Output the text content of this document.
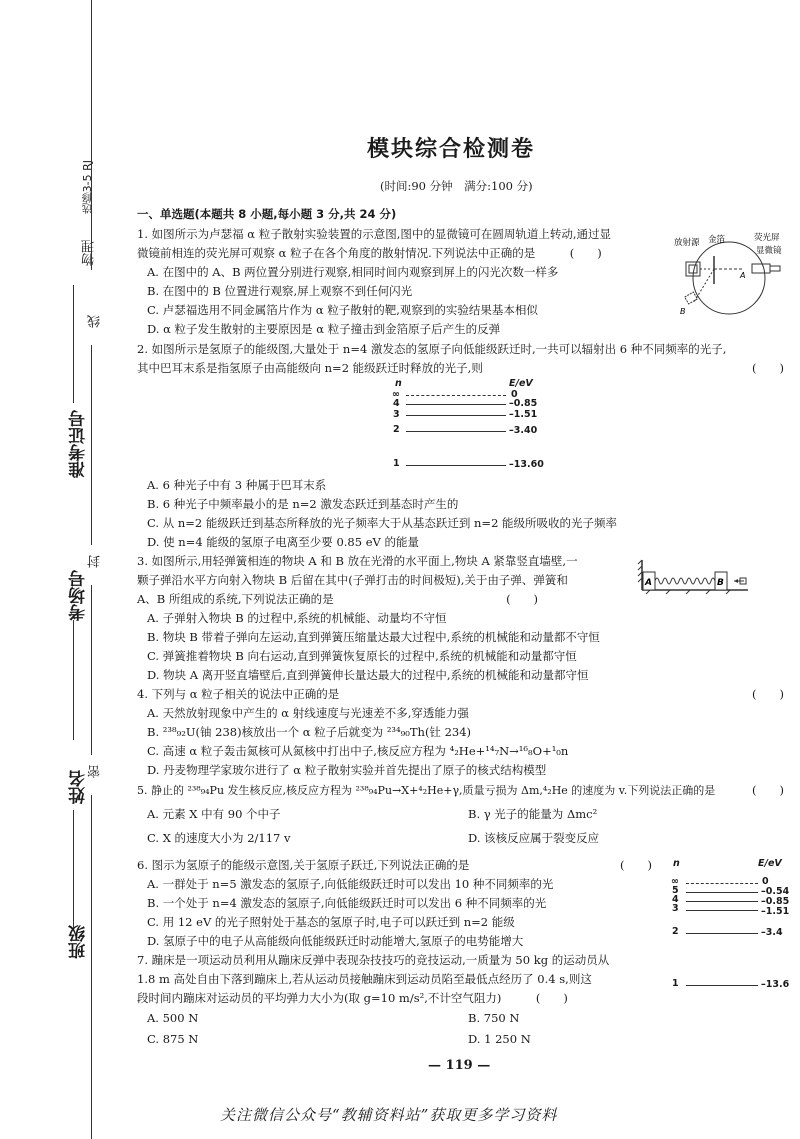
物理
选修3-5 RJ
线
封
密
准考证号
考场号
姓名
班级
模块综合检测卷
(时间:90 分钟　满分:100 分)
一、单选题(本题共 8 小题,每小题 3 分,共 24 分)
1. 如图所示为卢瑟福 α 粒子散射实验装置的示意图,图中的显微镜可在圆周轨道上转动,通过显
微镜前相连的荧光屏可观察 α 粒子在各个角度的散射情况.下列说法中正确的是　　　(　　)
A. 在图中的 A、B 两位置分别进行观察,相同时间内观察到屏上的闪光次数一样多
B. 在图中的 B 位置进行观察,屏上观察不到任何闪光
C. 卢瑟福选用不同金属箔片作为 α 粒子散射的靶,观察到的实验结果基本相似
D. α 粒子发生散射的主要原因是 α 粒子撞击到金箔原子后产生的反弹
放射源 金箔	荧光屏
显微镜
A
B
2. 如图所示是氢原子的能级图,大量处于 n=4 激发态的氢原子向低能级跃迁时,一共可以辐射出 6 种不同频率的光子,
其中巴耳末系是指氢原子由高能级向 n=2 能级跃迁时释放的光子,则	(　　)
n	E/eV
∞
4
3
2
1
0
–0.85
–1.51
–3.40
–13.60
A. 6 种光子中有 3 种属于巴耳末系
B. 6 种光子中频率最小的是 n=2 激发态跃迁到基态时产生的
C. 从 n=2 能级跃迁到基态所释放的光子频率大于从基态跃迁到 n=2 能级所吸收的光子频率
D. 使 n=4 能级的氢原子电离至少要 0.85 eV 的能量
3. 如图所示,用轻弹簧相连的物块 A 和 B 放在光滑的水平面上,物块 A 紧靠竖直墙壁,一
颗子弹沿水平方向射入物块 B 后留在其中(子弹打击的时间极短),关于由子弹、弹簧和
A、B 所组成的系统,下列说法正确的是　　　　　　　　　　　　　　　(　　)
A	B
A. 子弹射入物块 B 的过程中,系统的机械能、动量均不守恒
B. 物块 B 带着子弹向左运动,直到弹簧压缩量达最大过程中,系统的机械能和动量都不守恒
C. 弹簧推着物块 B 向右运动,直到弹簧恢复原长的过程中,系统的机械能和动量都守恒
D. 物块 A 离开竖直墙壁后,直到弹簧伸长量达最大的过程中,系统的机械能和动量都守恒
4. 下列与 α 粒子相关的说法中正确的是	(　　)
A. 天然放射现象中产生的 α 射线速度与光速差不多,穿透能力强
B. ²³⁸₉₂U(铀 238)核放出一个 α 粒子后就变为 ²³⁴₉₀Th(钍 234)
C. 高速 α 粒子轰击氮核可从氮核中打出中子,核反应方程为 ⁴₂He+¹⁴₇N→¹⁶₈O+¹₀n
D. 丹麦物理学家玻尔进行了 α 粒子散射实验并首先提出了原子的核式结构模型
5. 静止的 ²³⁸₉₄Pu 发生核反应,核反应方程为 ²³⁸₉₄Pu→X+⁴₂He+γ,质量亏损为 Δm,⁴₂He 的速度为 v.下列说法正确的是	(　　)
A. 元素 X 中有 90 个中子	B. γ 光子的能量为 Δmc²
C. X 的速度大小为 2/117 v	D. 该核反应属于裂变反应
6. 图示为氢原子的能级示意图,关于氢原子跃迁,下列说法正确的是	(　　)
A. 一群处于 n=5 激发态的氢原子,向低能级跃迁时可以发出 10 种不同频率的光
B. 一个处于 n=4 激发态的氢原子,向低能级跃迁时可以发出 6 种不同频率的光
C. 用 12 eV 的光子照射处于基态的氢原子时,电子可以跃迁到 n=2 能级
D. 氢原子中的电子从高能级向低能级跃迁时动能增大,氢原子的电势能增大
n	E/eV
∞
5
4
3
2
1
0
–0.54
–0.85
–1.51
–3.4
–13.6
7. 蹦床是一项运动员利用从蹦床反弹中表现杂技技巧的竞技运动,一质量为 50 kg 的运动员从
1.8 m 高处自由下落到蹦床上,若从运动员接触蹦床到运动员陷至最低点经历了 0.4 s,则这
段时间内蹦床对运动员的平均弹力大小为(取 g=10 m/s²,不计空气阻力)　　　(　　)
A. 500 N	B. 750 N
C. 875 N	D. 1 250 N
— 119 —
关注微信公众号“教辅资料站”获取更多学习资料
